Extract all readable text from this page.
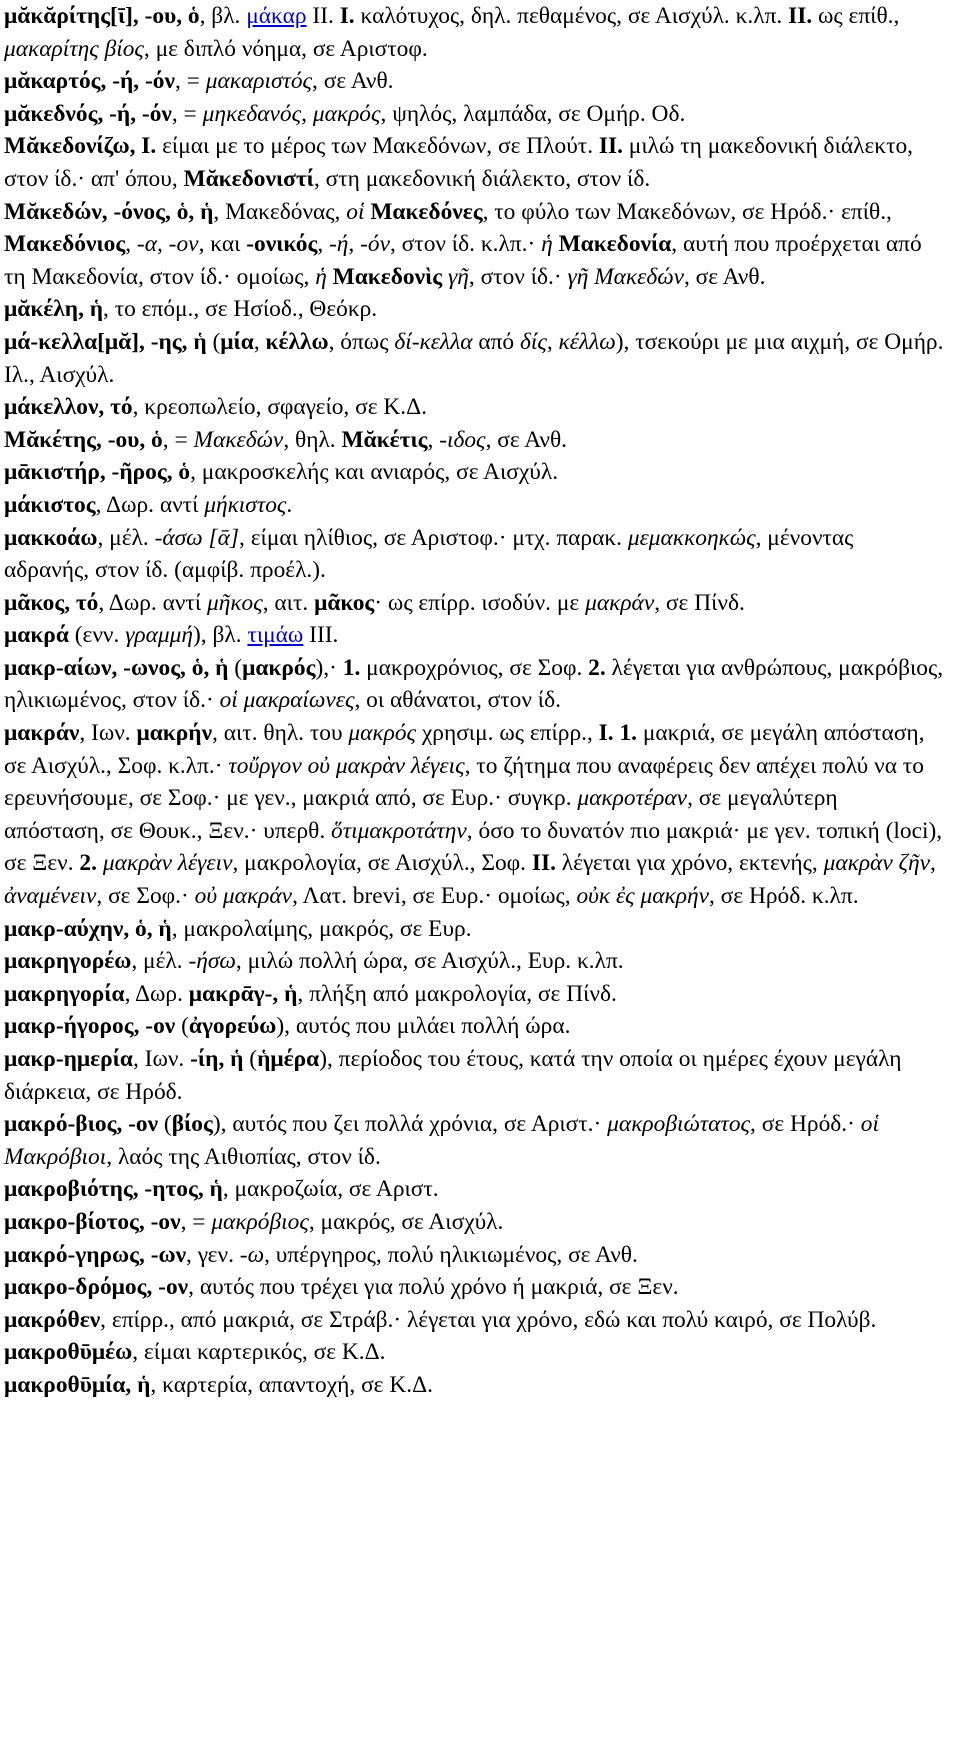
μᾰκᾰρίτης[ῑ], -ου, ὁ, βλ. μάκαρ II. I. καλότυχος, δηλ. πεθαμένος, σε Αισχύλ. κ.λπ. II. ως επίθ., μακαρίτης βίος, με διπλό νόημα, σε Αριστοφ.

μᾰκαρτός, -ή, -όν, = μακαριστός, σε Ανθ.

μᾰκεδνός, -ή, -όν, = μηκεδανός, μακρός, ψηλός, λαμπάδα, σε Ομήρ. Οδ.

Μᾰκεδονίζω, I. είμαι με το μέρος των Μακεδόνων, σε Πλούτ. II. μιλώ τη μακεδονική διάλεκτο, στον ίδ.· απ' όπου, Μᾰκεδονιστί, στη μακεδονική διάλεκτο, στον ίδ.

Μᾰκεδών, -όνος, ὁ, ἡ, Μακεδόνας, οἱ Μακεδόνες, το φύλο των Μακεδόνων, σε Ηρόδ.· επίθ., Μακεδόνιος, -α, -ον, και -ονικός, -ή, -όν, στον ίδ. κ.λπ.· ἡ Μακεδονία, αυτή που προέρχεται από τη Μακεδονία, στον ίδ.· ομοίως, ἡ Μακεδονὶς γῆ, στον ίδ.· γῆ Μακεδών, σε Ανθ.

μᾰκέλη, ἡ, το επόμ., σε Ησίοδ., Θεόκρ.

μά-κελλα[μᾰ], -ης, ἡ (μία, κέλλω, όπως δί-κελλα από δίς, κέλλω), τσεκούρι με μια αιχμή, σε Ομήρ. Ιλ., Αισχύλ.

μάκελλον, τό, κρεοπωλείο, σφαγείο, σε Κ.Δ.

Μᾰκέτης, -ου, ὁ, = Μακεδών, θηλ. Μᾰκέτις, -ιδος, σε Ανθ.

μᾱκιστήρ, -ῆρος, ὁ, μακροσκελής και ανιαρός, σε Αισχύλ.

μάκιστος, Δωρ. αντί μήκιστος.

μακκοάω, μέλ. -άσω [ᾱ], είμαι ηλίθιος, σε Αριστοφ.· μτχ. παρακ. μεμακκοηκώς, μένοντας αδρανής, στον ίδ. (αμφίβ. προέλ.).

μᾶκος, τό, Δωρ. αντί μῆκος, αιτ. μᾶκος· ως επίρρ. ισοδύν. με μακράν, σε Πίνδ.

μακρά (ενν. γραμμή), βλ. τιμάω III.

μακρ-αίων, -ωνος, ὁ, ἡ (μακρός),· 1. μακροχρόνιος, σε Σοφ. 2. λέγεται για ανθρώπους, μακρόβιος, ηλικιωμένος, στον ίδ.· οἱ μακραίωνες, οι αθάνατοι, στον ίδ.

μακράν, Ιων. μακρήν, αιτ. θηλ. του μακρός χρησιμ. ως επίρρ., I. 1. μακριά, σε μεγάλη απόσταση, σε Αισχύλ., Σοφ. κ.λπ.· τοὔργον οὐ μακρὰν λέγεις, το ζήτημα που αναφέρεις δεν απέχει πολύ να το ερευνήσουμε, σε Σοφ.· με γεν., μακριά από, σε Ευρ.· συγκρ. μακροτέραν, σε μεγαλύτερη απόσταση, σε Θουκ., Ξεν.· υπερθ. ὅτιμακροτάτην, όσο το δυνατόν πιο μακριά· με γεν. τοπική (loci), σε Ξεν. 2. μακρὰν λέγειν, μακρολογία, σε Αισχύλ., Σοφ. II. λέγεται για χρόνο, εκτενής, μακρὰν ζῆν, ἀναμένειν, σε Σοφ.· οὐ μακράν, Λατ. brevi, σε Ευρ.· ομοίως, οὐκ ἐς μακρήν, σε Ηρόδ. κ.λπ.

μακρ-αύχην, ὁ, ἡ, μακρολαίμης, μακρός, σε Ευρ.

μακρηγορέω, μέλ. -ήσω, μιλώ πολλή ώρα, σε Αισχύλ., Ευρ. κ.λπ.

μακρηγορία, Δωρ. μακρᾱγ-, ἡ, πλήξη από μακρολογία, σε Πίνδ.

μακρ-ήγορος, -ον (ἀγορεύω), αυτός που μιλάει πολλή ώρα.

μακρ-ημερία, Ιων. -ίη, ἡ (ἡμέρα), περίοδος του έτους, κατά την οποία οι ημέρες έχουν μεγάλη διάρκεια, σε Ηρόδ.

μακρό-βιος, -ον (βίος), αυτός που ζει πολλά χρόνια, σε Αριστ.· μακροβιώτατος, σε Ηρόδ.· οἱ Μακρόβιοι, λαός της Αιθιοπίας, στον ίδ.

μακροβιότης, -ητος, ἡ, μακροζωία, σε Αριστ.

μακρο-βίοτος, -ον, = μακρόβιος, μακρός, σε Αισχύλ.

μακρό-γηρως, -ων, γεν. -ω, υπέργηρος, πολύ ηλικιωμένος, σε Ανθ.

μακρο-δρόμος, -ον, αυτός που τρέχει για πολύ χρόνο ή μακριά, σε Ξεν.

μακρόθεν, επίρρ., από μακριά, σε Στράβ.· λέγεται για χρόνο, εδώ και πολύ καιρό, σε Πολύβ.

μακροθῡμέω, είμαι καρτερικός, σε Κ.Δ.

μακροθῡμία, ἡ, καρτερία, απαντοχή, σε Κ.Δ.
